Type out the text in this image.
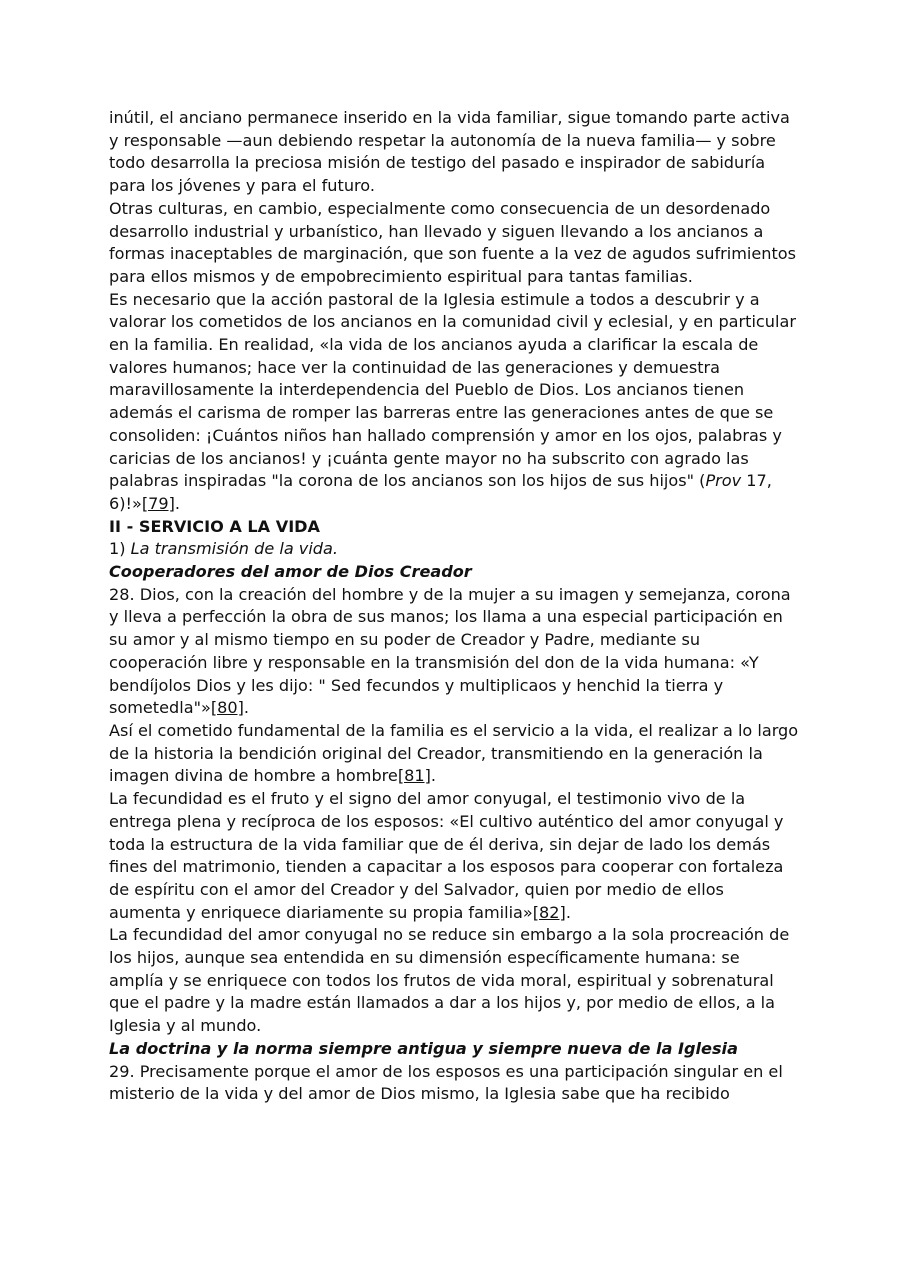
inútil, el anciano permanece inserido en la vida familiar, sigue tomando parte activa y responsable —aun debiendo respetar la autonomía de la nueva familia— y sobre todo desarrolla la preciosa misión de testigo del pasado e inspirador de sabiduría para los jóvenes y para el futuro.

Otras culturas, en cambio, especialmente como consecuencia de un desordenado desarrollo industrial y urbanístico, han llevado y siguen llevando a los ancianos a formas inaceptables de marginación, que son fuente a la vez de agudos sufrimientos para ellos mismos y de empobrecimiento espiritual para tantas familias.

Es necesario que la acción pastoral de la Iglesia estimule a todos a descubrir y a valorar los cometidos de los ancianos en la comunidad civil y eclesial, y en particular en la familia. En realidad, «la vida de los ancianos ayuda a clarificar la escala de valores humanos; hace ver la continuidad de las generaciones y demuestra maravillosamente la interdependencia del Pueblo de Dios. Los ancianos tienen además el carisma de romper las barreras entre las generaciones antes de que se consoliden: ¡Cuántos niños han hallado comprensión y amor en los ojos, palabras y caricias de los ancianos! y ¡cuánta gente mayor no ha subscrito con agrado las palabras inspiradas "la corona de los ancianos son los hijos de sus hijos" (Prov 17, 6)!»[79].

II - SERVICIO A LA VIDA

1) La transmisión de la vida.

Cooperadores del amor de Dios Creador

28. Dios, con la creación del hombre y de la mujer a su imagen y semejanza, corona y lleva a perfección la obra de sus manos; los llama a una especial participación en su amor y al mismo tiempo en su poder de Creador y Padre, mediante su cooperación libre y responsable en la transmisión del don de la vida humana: «Y bendíjolos Dios y les dijo: " Sed fecundos y multiplicaos y henchid la tierra y sometedla"»[80].

Así el cometido fundamental de la familia es el servicio a la vida, el realizar a lo largo de la historia la bendición original del Creador, transmitiendo en la generación la imagen divina de hombre a hombre[81].

La fecundidad es el fruto y el signo del amor conyugal, el testimonio vivo de la entrega plena y recíproca de los esposos: «El cultivo auténtico del amor conyugal y toda la estructura de la vida familiar que de él deriva, sin dejar de lado los demás fines del matrimonio, tienden a capacitar a los esposos para cooperar con fortaleza de espíritu con el amor del Creador y del Salvador, quien por medio de ellos aumenta y enriquece diariamente su propia familia»[82].

La fecundidad del amor conyugal no se reduce sin embargo a la sola procreación de los hijos, aunque sea entendida en su dimensión específicamente humana: se amplía y se enriquece con todos los frutos de vida moral, espiritual y sobrenatural que el padre y la madre están llamados a dar a los hijos y, por medio de ellos, a la Iglesia y al mundo.

La doctrina y la norma siempre antigua y siempre nueva de la Iglesia

29. Precisamente porque el amor de los esposos es una participación singular en el misterio de la vida y del amor de Dios mismo, la Iglesia sabe que ha recibido
